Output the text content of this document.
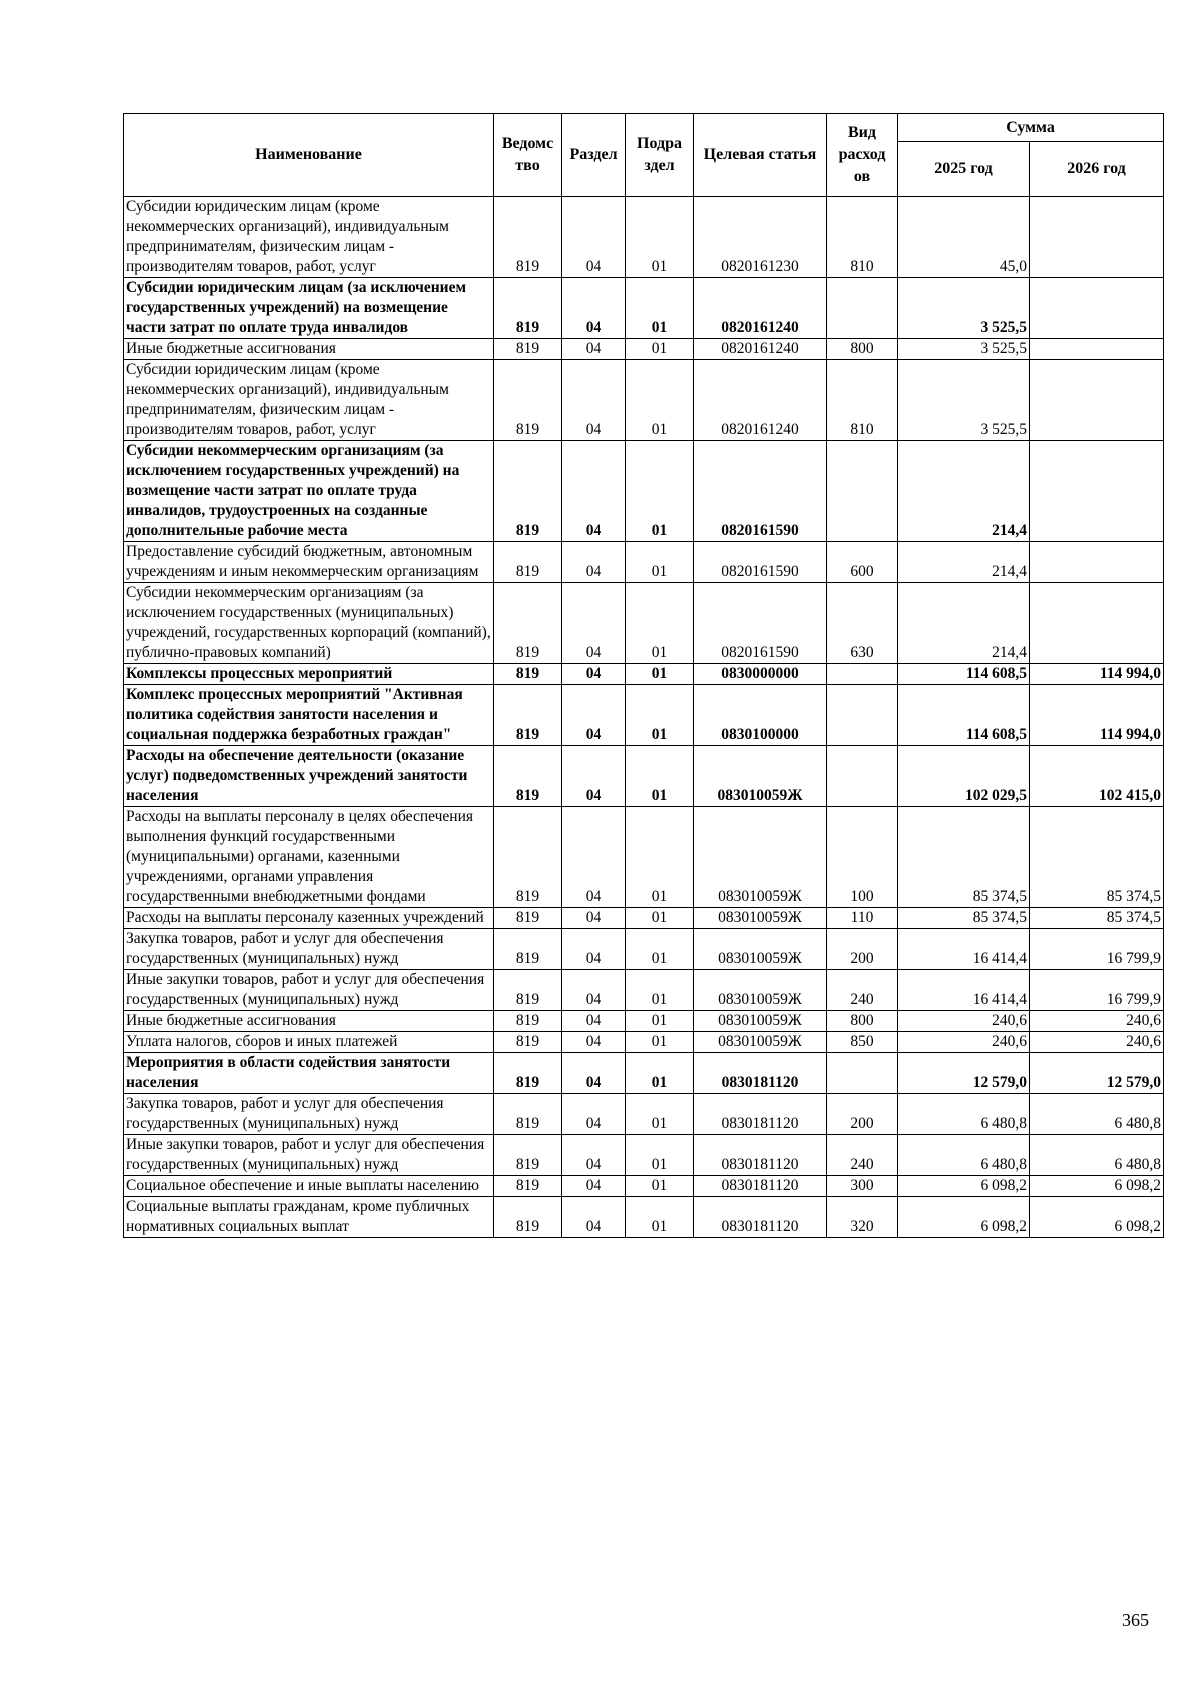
Наименование	Ведомс тво	Раздел	Подра здел	Целевая статья	Вид расход ов	Сумма	
						2025 год	2026 год
Субсидии юридическим лицам (кроме некоммерческих организаций), индивидуальным предпринимателям, физическим лицам - производителям товаров, работ, услуг	819	04	01	0820161230	810	45,0	
Субсидии юридическим лицам (за исключением государственных учреждений) на возмещение части затрат по оплате труда инвалидов	819	04	01	0820161240		3 525,5	
Иные бюджетные ассигнования	819	04	01	0820161240	800	3 525,5	
Субсидии юридическим лицам (кроме некоммерческих организаций), индивидуальным предпринимателям, физическим лицам - производителям товаров, работ, услуг	819	04	01	0820161240	810	3 525,5	
Субсидии некоммерческим организациям (за исключением государственных учреждений) на возмещение части затрат по оплате труда инвалидов, трудоустроенных на созданные дополнительные рабочие места	819	04	01	0820161590		214,4	
Предоставление субсидий бюджетным, автономным учреждениям и иным некоммерческим организациям	819	04	01	0820161590	600	214,4	
Субсидии некоммерческим организациям (за исключением государственных (муниципальных) учреждений, государственных корпораций (компаний), публично-правовых компаний)	819	04	01	0820161590	630	214,4	
Комплексы процессных мероприятий	819	04	01	0830000000		114 608,5	114 994,0
Комплекс процессных мероприятий "Активная политика содействия занятости населения и социальная поддержка безработных граждан"	819	04	01	0830100000		114 608,5	114 994,0
Расходы на обеспечение деятельности (оказание услуг) подведомственных учреждений занятости населения	819	04	01	083010059Ж		102 029,5	102 415,0
Расходы на выплаты персоналу в целях обеспечения выполнения функций государственными (муниципальными) органами, казенными учреждениями, органами управления государственными внебюджетными фондами	819	04	01	083010059Ж	100	85 374,5	85 374,5
Расходы на выплаты персоналу казенных учреждений	819	04	01	083010059Ж	110	85 374,5	85 374,5
Закупка товаров, работ и услуг для обеспечения государственных (муниципальных) нужд	819	04	01	083010059Ж	200	16 414,4	16 799,9
Иные закупки товаров, работ и услуг для обеспечения государственных (муниципальных) нужд	819	04	01	083010059Ж	240	16 414,4	16 799,9
Иные бюджетные ассигнования	819	04	01	083010059Ж	800	240,6	240,6
Уплата налогов, сборов и иных платежей	819	04	01	083010059Ж	850	240,6	240,6
Мероприятия в области содействия занятости населения	819	04	01	0830181120		12 579,0	12 579,0
Закупка товаров, работ и услуг для обеспечения государственных (муниципальных) нужд	819	04	01	0830181120	200	6 480,8	6 480,8
Иные закупки товаров, работ и услуг для обеспечения государственных (муниципальных) нужд	819	04	01	0830181120	240	6 480,8	6 480,8
Социальное обеспечение и иные выплаты населению	819	04	01	0830181120	300	6 098,2	6 098,2
Социальные выплаты гражданам, кроме публичных нормативных социальных выплат	819	04	01	0830181120	320	6 098,2	6 098,2
365
